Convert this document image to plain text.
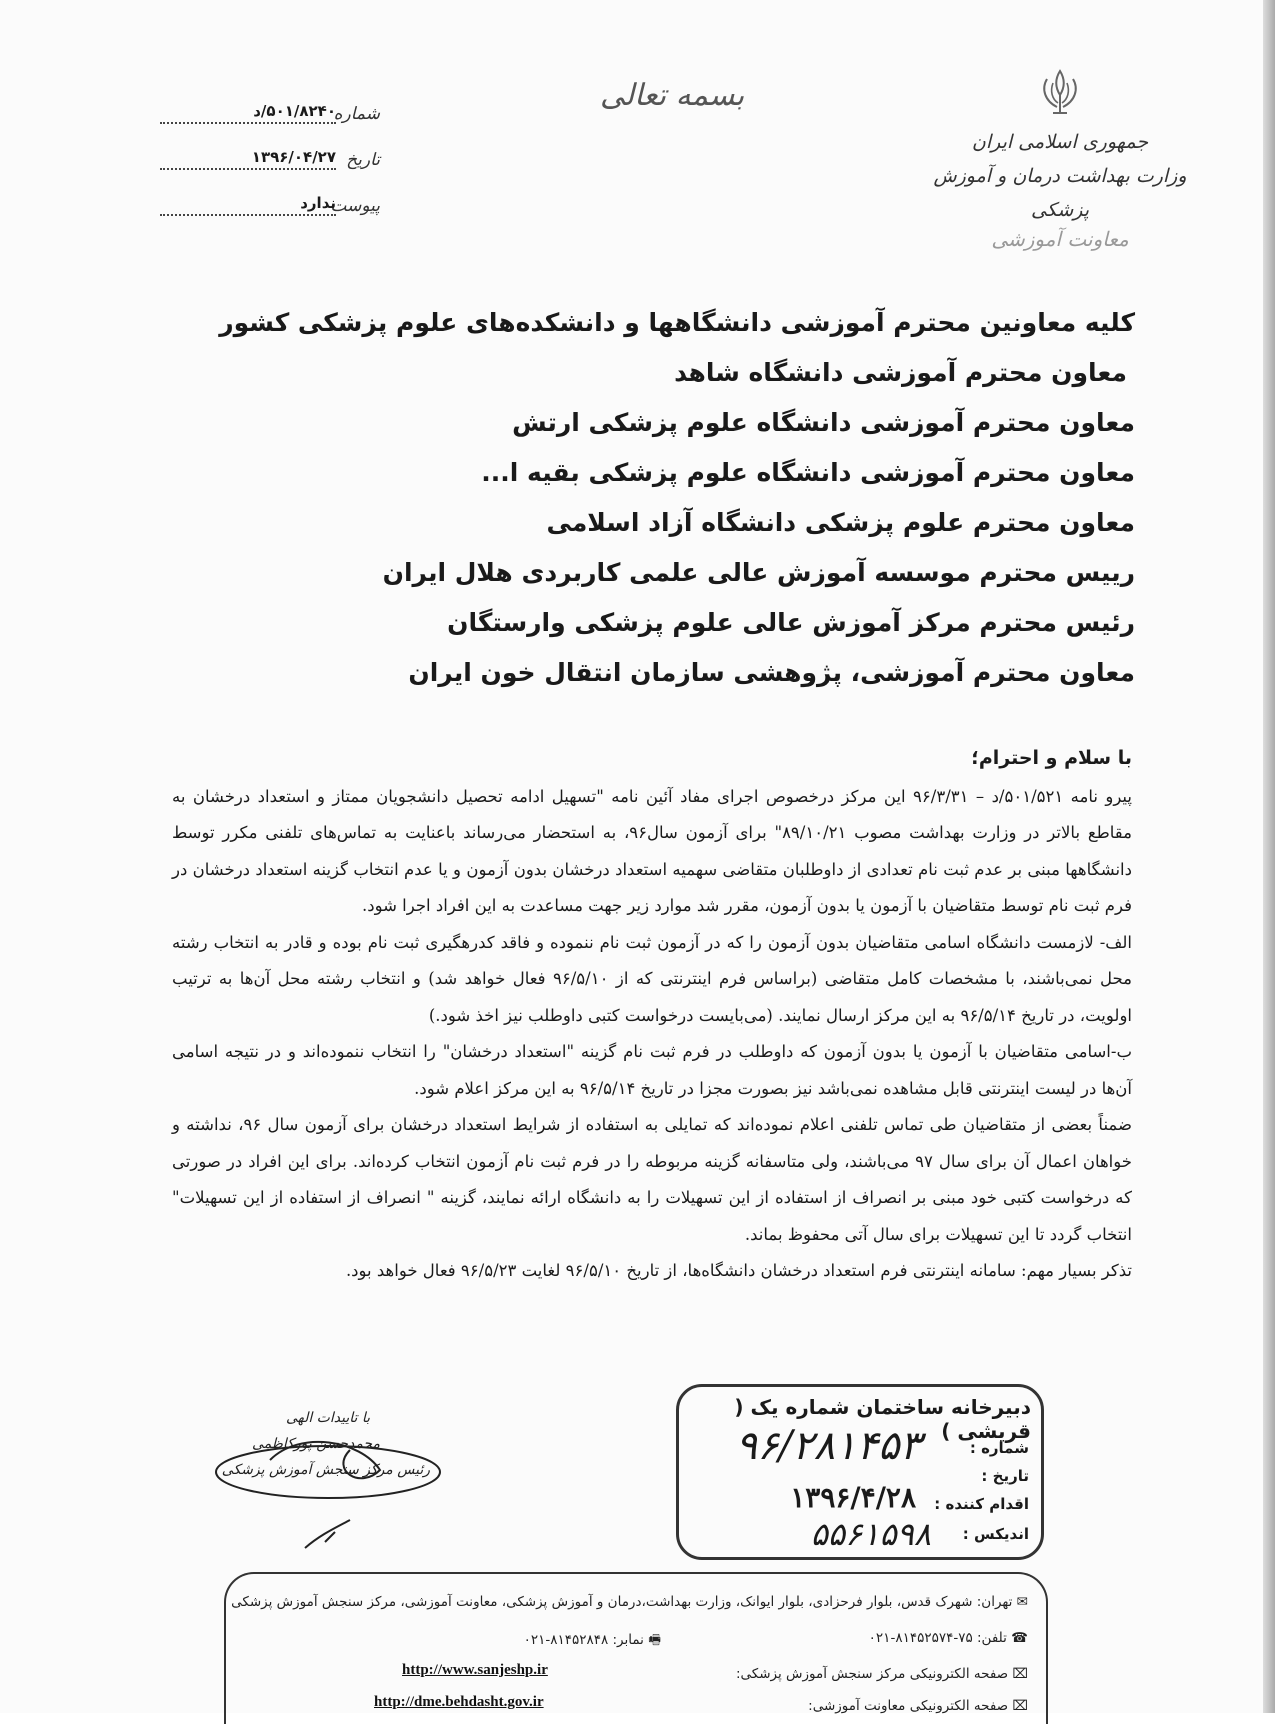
شماره
۵۰۱/۸۲۴۰/د
تاریخ
۱۳۹۶/۰۴/۲۷
پیوست
ندارد
بسمه تعالی
جمهوری اسلامی ایران
وزارت بهداشت درمان و آموزش پزشکی
معاونت آموزشی
کلیه معاونین محترم آموزشی دانشگاهها و دانشکده‌های علوم پزشکی کشور
معاون محترم آموزشی دانشگاه شاهد
معاون محترم آموزشی دانشگاه علوم پزشکی ارتش
معاون محترم آموزشی دانشگاه علوم پزشکی بقیه ا...
معاون محترم علوم پزشکی دانشگاه آزاد اسلامی
رییس محترم موسسه آموزش عالی علمی کاربردی هلال ایران
رئیس محترم مرکز آموزش عالی علوم پزشکی وارستگان
معاون محترم آموزشی، پژوهشی سازمان انتقال خون ایران
با سلام و احترام؛

پیرو نامه ۵۰۱/۵۲۱/د – ۹۶/۳/۳۱ این مرکز درخصوص اجرای مفاد آئین نامه "تسهیل ادامه تحصیل دانشجویان ممتاز و استعداد درخشان به مقاطع بالاتر در وزارت بهداشت مصوب ۸۹/۱۰/۲۱" برای آزمون سال۹۶، به استحضار می‌رساند باعنایت به تماس‌های تلفنی مکرر توسط دانشگاهها مبنی بر عدم ثبت نام تعدادی از داوطلبان متقاضی سهمیه استعداد درخشان بدون آزمون و یا عدم انتخاب گزینه استعداد درخشان در فرم ثبت نام توسط متقاضیان با آزمون یا بدون آزمون، مقرر شد موارد زیر جهت مساعدت به این افراد اجرا شود.

الف- لازمست دانشگاه اسامی متقاضیان بدون آزمون را که در آزمون ثبت نام ننموده و فاقد کدرهگیری ثبت نام بوده و قادر به انتخاب رشته محل نمی‌باشند، با مشخصات کامل متقاضی (براساس فرم اینترنتی که از ۹۶/۵/۱۰ فعال خواهد شد) و انتخاب رشته محل آن‌ها به ترتیب اولویت، در تاریخ ۹۶/۵/۱۴ به این مرکز ارسال نمایند. (می‌بایست درخواست کتبی داوطلب نیز اخذ شود.)

ب-اسامی متقاضیان با آزمون یا بدون آزمون که داوطلب در فرم ثبت نام گزینه "استعداد درخشان" را انتخاب ننموده‌اند و در نتیجه اسامی آن‌ها در لیست اینترنتی قابل مشاهده نمی‌باشد نیز بصورت مجزا در تاریخ ۹۶/۵/۱۴ به این مرکز اعلام شود.

ضمناً بعضی از متقاضیان طی تماس تلفنی اعلام نموده‌اند که تمایلی به استفاده از شرایط استعداد درخشان برای آزمون سال ۹۶، نداشته و خواهان اعمال آن برای سال ۹۷ می‌باشند، ولی متاسفانه گزینه مربوطه را در فرم ثبت نام آزمون انتخاب کرده‌اند. برای این افراد در صورتی که درخواست کتبی خود مبنی بر انصراف از استفاده از این تسهیلات را به دانشگاه ارائه نمایند، گزینه " انصراف از استفاده از این تسهیلات" انتخاب گردد تا این تسهیلات برای سال آتی محفوظ بماند.

تذکر بسیار مهم: سامانه اینترنتی فرم استعداد درخشان دانشگاه‌ها، از تاریخ ۹۶/۵/۱۰ لغایت ۹۶/۵/۲۳ فعال خواهد بود.

با تاییدات الهی
محمدحسن پورکاظمی
رئیس مرکز سنجش آموزش پزشکی
دبیرخانه ساختمان شماره یک ( قریشی )
شماره :
۹۶/۲۸۱۴۵۳
تاریخ :
اقدام کننده :
۱۳۹۶/۴/۲۸
اندیکس :
۵۵۶۱۵۹۸
✉ تهران: شهرک قدس، بلوار فرحزادی، بلوار ایوانک، وزارت بهداشت،درمان و آموزش پزشکی، معاونت آموزشی، مرکز سنجش آموزش پزشکی
☎ تلفن: ۷۵-۸۱۴۵۲۵۷۴-۰۲۱
🖷 نمابر: ۸۱۴۵۲۸۴۸-۰۲۱
⌧ صفحه الکترونیکی مرکز سنجش آموزش پزشکی:
http://www.sanjeshp.ir
⌧ صفحه الکترونیکی معاونت آموزشی:
http://dme.behdasht.gov.ir
